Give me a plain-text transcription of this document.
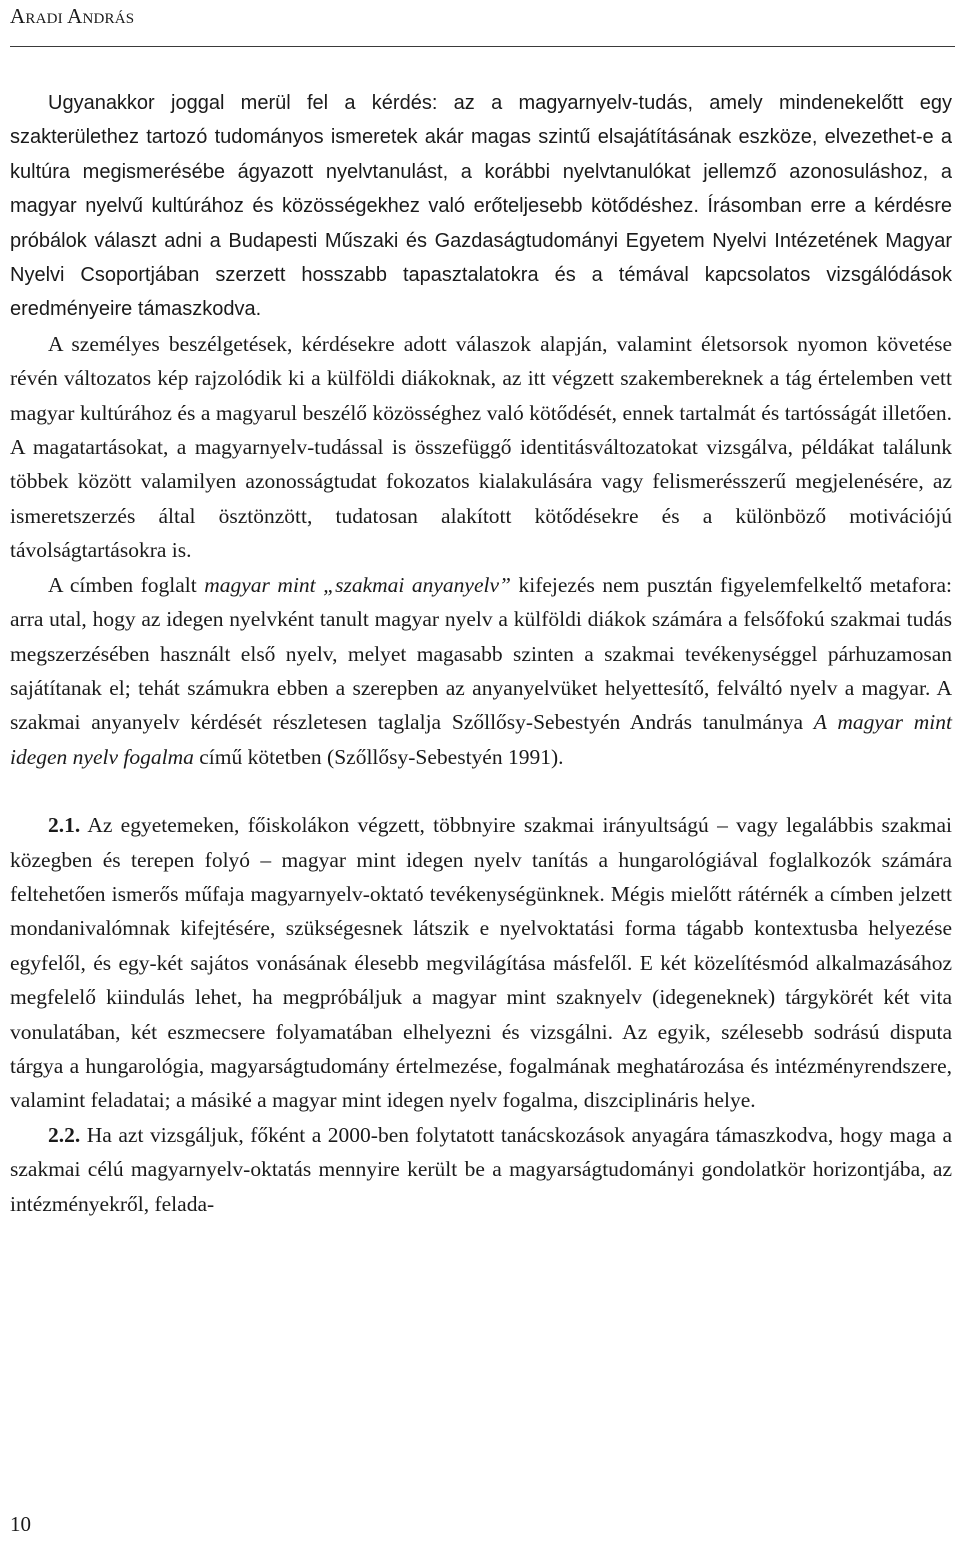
Aradi András

Ugyanakkor joggal merül fel a kérdés: az a magyarnyelv-tudás, amely mindenekelőtt egy szakterülethez tartozó tudományos ismeretek akár magas szintű elsajátításának eszköze, elvezethet-e a kultúra megismerésébe ágyazott nyelvtanulást, a korábbi nyelvtanulókat jellemző azonosuláshoz, a magyar nyelvű kultúrához és közösségekhez való erőteljesebb kötődéshez. Írásomban erre a kérdésre próbálok választ adni a Budapesti Műszaki és Gazdaságtudományi Egyetem Nyelvi Intézetének Magyar Nyelvi Csoportjában szerzett hosszabb tapasztalatokra és a témával kapcsolatos vizsgálódások eredményeire támaszkodva.

A személyes beszélgetések, kérdésekre adott válaszok alapján, valamint életsorsok nyomon követése révén változatos kép rajzolódik ki a külföldi diákoknak, az itt végzett szakembereknek a tág értelemben vett magyar kultúrához és a magyarul beszélő közösséghez való kötődését, ennek tartalmát és tartósságát illetően. A magatartásokat, a magyarnyelv-tudással is összefüggő identitásváltozatokat vizsgálva, példákat találunk többek között valamilyen azonosságtudat fokozatos kialakulására vagy felismerésszerű megjelenésére, az ismeretszerzés által ösztönzött, tudatosan alakított kötődésekre és a különböző motivációjú távolságtartásokra is.

A címben foglalt magyar mint „szakmai anyanyelv” kifejezés nem pusztán figyelemfelkeltő metafora: arra utal, hogy az idegen nyelvként tanult magyar nyelv a külföldi diákok számára a felsőfokú szakmai tudás megszerzésében használt első nyelv, melyet magasabb szinten a szakmai tevékenységgel párhuzamosan sajátítanak el; tehát számukra ebben a szerepben az anyanyelvüket helyettesítő, felváltó nyelv a magyar. A szakmai anyanyelv kérdését részletesen taglalja Szőllősy-Sebestyén András tanulmánya A magyar mint idegen nyelv fogalma című kötetben (Szőllősy-Sebestyén 1991).

2.1. Az egyetemeken, főiskolákon végzett, többnyire szakmai irányultságú – vagy legalábbis szakmai közegben és terepen folyó – magyar mint idegen nyelv tanítás a hungarológiával foglalkozók számára feltehetően ismerős műfaja magyarnyelv-oktató tevékenységünknek. Mégis mielőtt rátérnék a címben jelzett mondanivalómnak kifejtésére, szükségesnek látszik e nyelvoktatási forma tágabb kontextusba helyezése egyfelől, és egy-két sajátos vonásának élesebb megvilágítása másfelől. E két közelítésmód alkalmazásához megfelelő kiindulás lehet, ha megpróbáljuk a magyar mint szaknyelv (idegeneknek) tárgykörét két vita vonulatában, két eszmecsere folyamatában elhelyezni és vizsgálni. Az egyik, szélesebb sodrású disputa tárgya a hungarológia, magyarságtudomány értelmezése, fogalmának meghatározása és intézményrendszere, valamint feladatai; a másiké a magyar mint idegen nyelv fogalma, diszciplináris helye.

2.2. Ha azt vizsgáljuk, főként a 2000-ben folytatott tanácskozások anyagára támaszkodva, hogy maga a szakmai célú magyarnyelv-oktatás mennyire került be a magyarságtudományi gondolatkör horizontjába, az intézményekről, felada-

10
